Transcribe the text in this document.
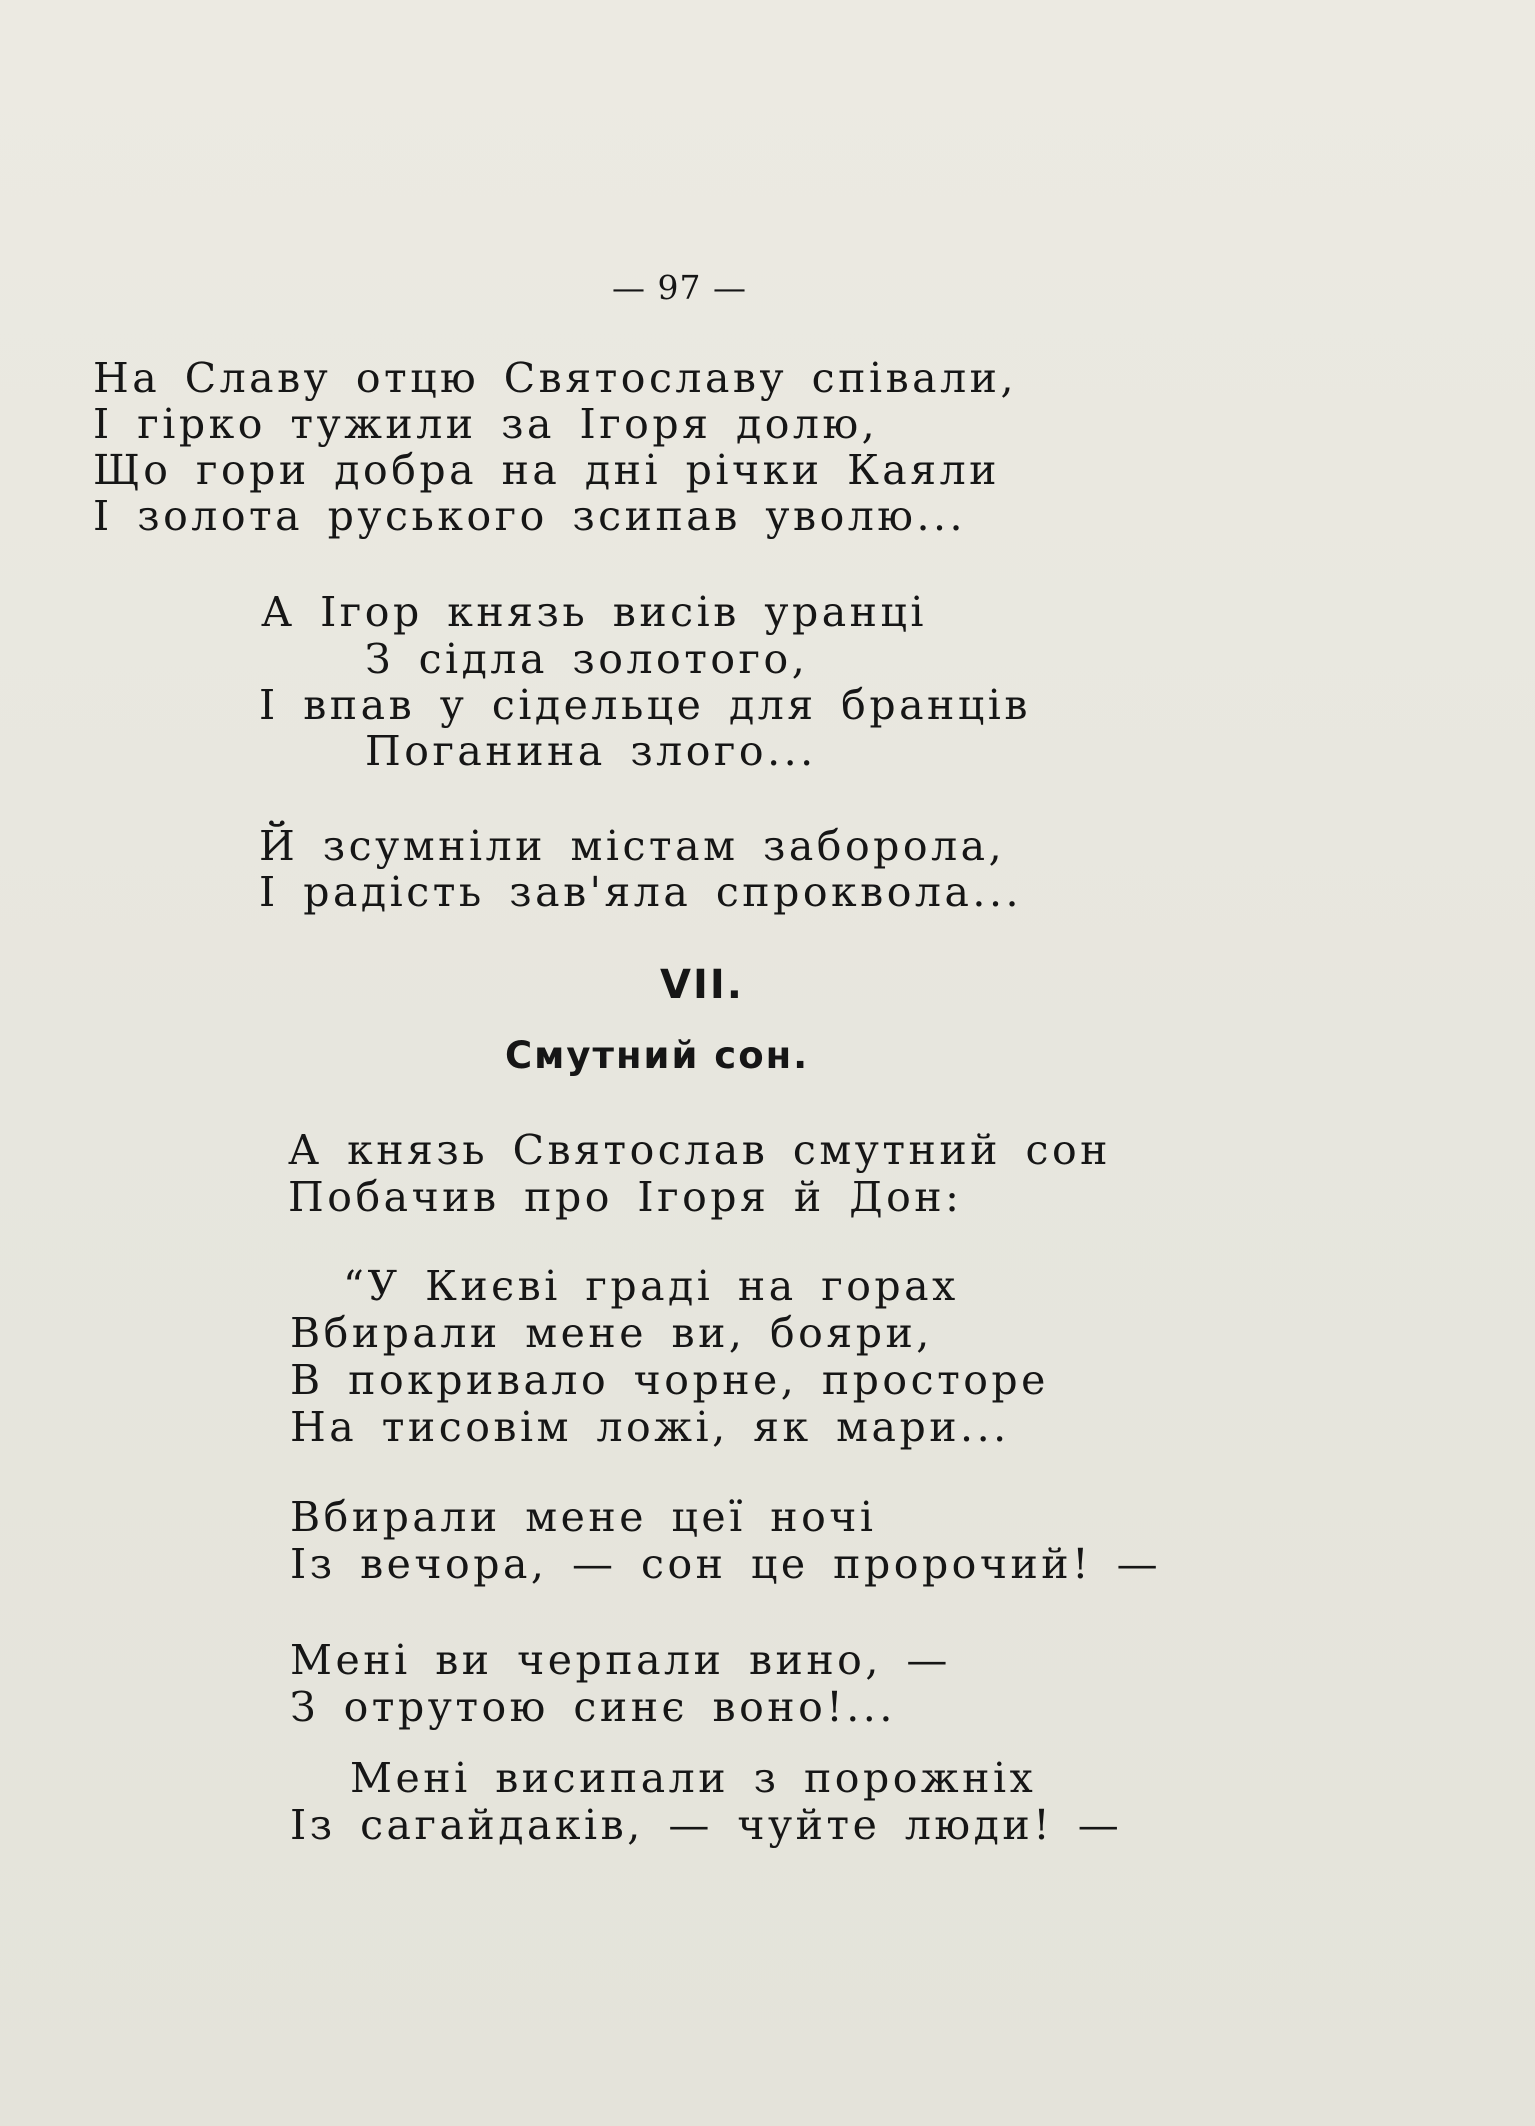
— 97 —
На Славу отцю Святославу співали,
І гірко тужили за Ігоря долю,
Що гори добра на дні річки Каяли
І золота руського зсипав уволю...
А Ігор князь висів уранці
З сідла золотого,
І впав у сідельце для бранців
Поганина злого...
Й зсумніли містам заборола,
І радість зав'яла спроквола...
VII.
Смутний сон.
А князь Святослав смутний сон
Побачив про Ігоря й Дон:
“У Києві граді на горах
Вбирали мене ви, бояри,
В покривало чорне, просторе
На тисовім ложі, як мари...
Вбирали мене цеї ночі
Із вечора, — сон це пророчий! —
Мені ви черпали вино, —
З отрутою синє воно!...
Мені висипали з порожніх
Із сагайдаків, — чуйте люди! —
